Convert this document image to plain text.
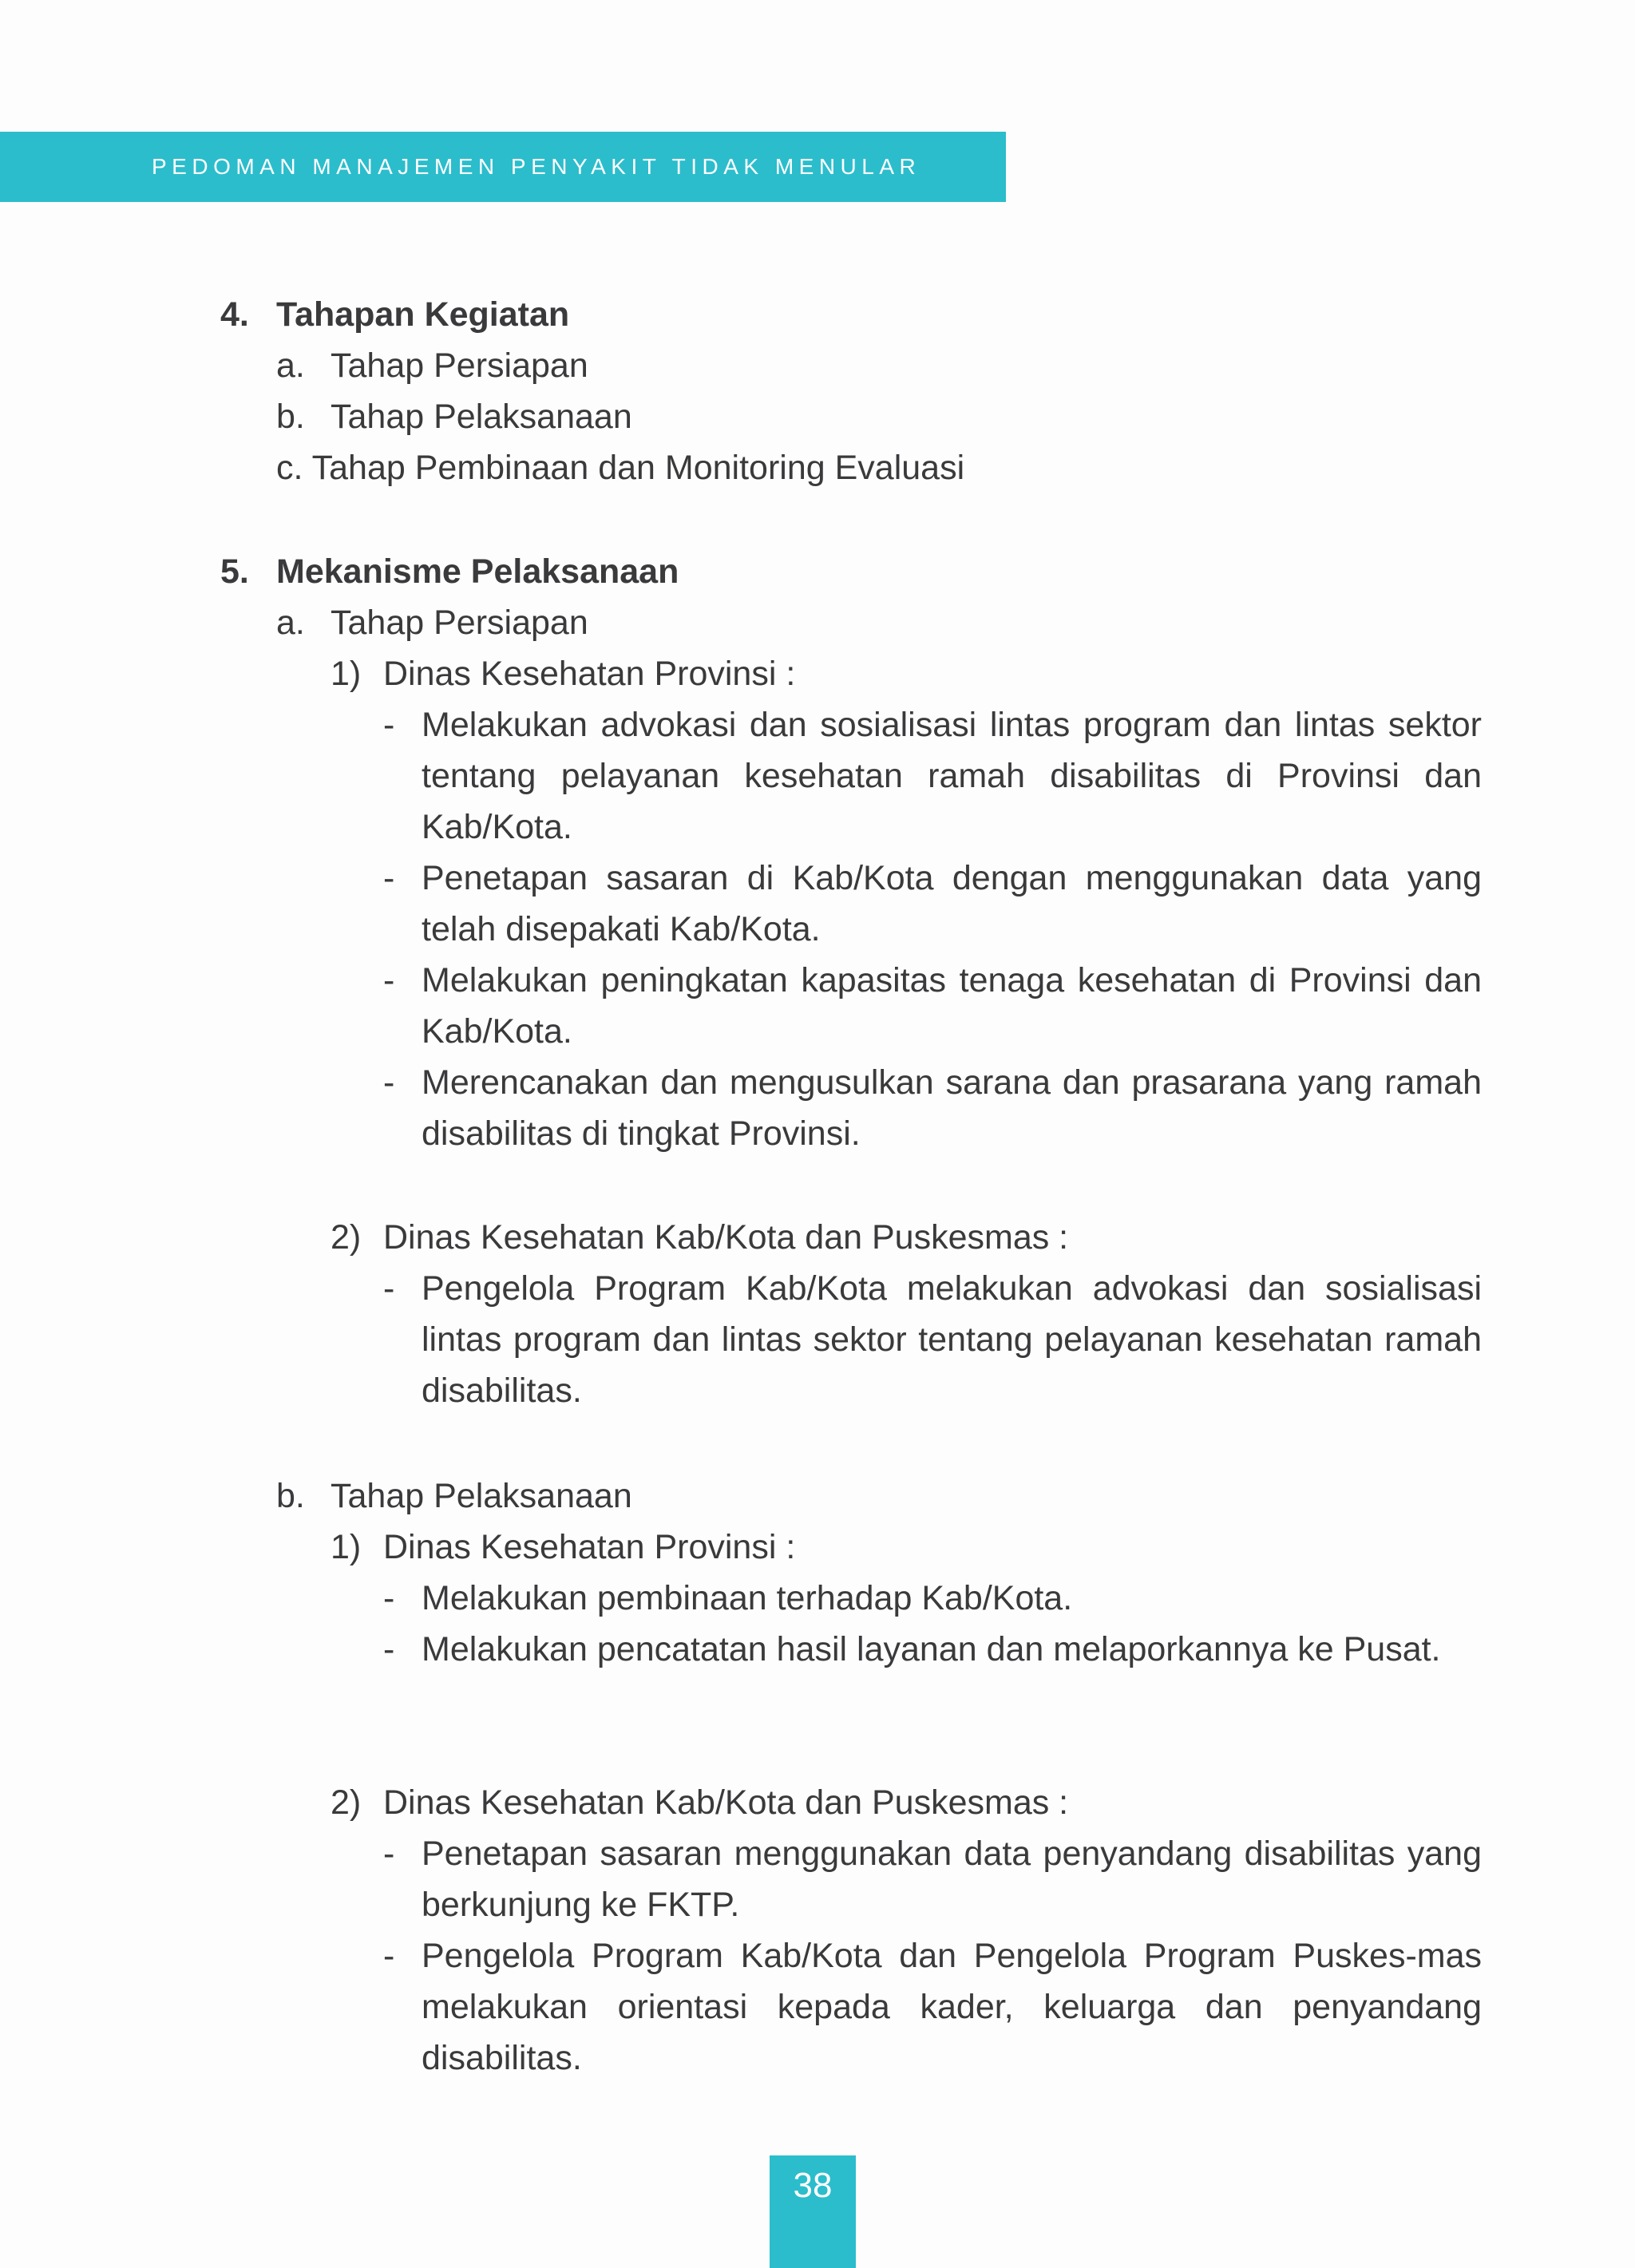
PEDOMAN MANAJEMEN PENYAKIT TIDAK MENULAR
4. Tahapan Kegiatan
a. Tahap Persiapan
b. Tahap Pelaksanaan
c. Tahap Pembinaan dan Monitoring Evaluasi
5. Mekanisme Pelaksanaan
a. Tahap Persiapan
1) Dinas Kesehatan Provinsi :
- Melakukan advokasi dan sosialisasi lintas program dan lintas sektor tentang pelayanan kesehatan ramah disabilitas di Provinsi dan Kab/Kota.
- Penetapan sasaran di Kab/Kota dengan menggunakan data yang telah disepakati Kab/Kota.
- Melakukan peningkatan kapasitas tenaga kesehatan di Provinsi dan Kab/Kota.
- Merencanakan dan mengusulkan sarana dan prasarana yang ramah disabilitas di tingkat Provinsi.
2) Dinas Kesehatan Kab/Kota dan Puskesmas :
- Pengelola Program Kab/Kota melakukan advokasi dan sosialisasi lintas program dan lintas sektor tentang pelayanan kesehatan ramah disabilitas.
b. Tahap Pelaksanaan
1) Dinas Kesehatan Provinsi :
- Melakukan pembinaan terhadap Kab/Kota.
- Melakukan pencatatan hasil layanan dan melaporkannya ke Pusat.
2) Dinas Kesehatan Kab/Kota dan Puskesmas :
- Penetapan sasaran menggunakan data penyandang disabilitas yang berkunjung ke FKTP.
- Pengelola Program Kab/Kota dan Pengelola Program Puskes-mas melakukan orientasi kepada kader, keluarga dan penyandang disabilitas.
38
